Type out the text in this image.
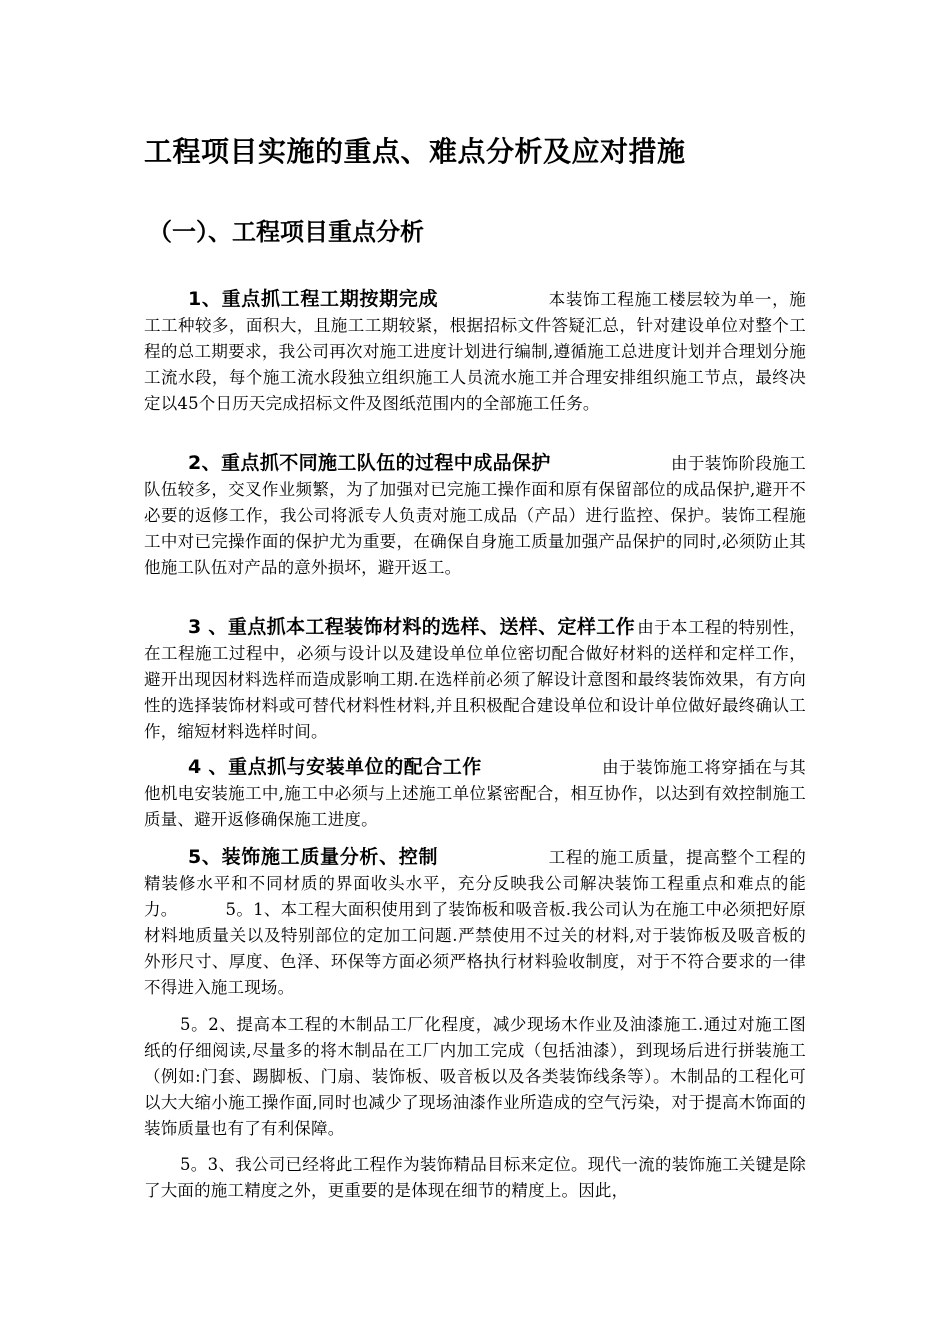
工程项目实施的重点、难点分析及应对措施
（一）、工程项目重点分析
1、重点抓工程工期按期完成	本装饰工程施工楼层较为单一，施工工种较多，面积大，且施工工期较紧，根据招标文件答疑汇总，针对建设单位对整个工程的总工期要求，我公司再次对施工进度计划进行编制,遵循施工总进度计划并合理划分施工流水段，每个施工流水段独立组织施工人员流水施工并合理安排组织施工节点，最终决定以45个日历天完成招标文件及图纸范围内的全部施工任务。
2、重点抓不同施工队伍的过程中成品保护	由于装饰阶段施工队伍较多，交叉作业频繁，为了加强对已完施工操作面和原有保留部位的成品保护,避开不必要的返修工作，我公司将派专人负责对施工成品（产品）进行监控、保护。装饰工程施工中对已完操作面的保护尤为重要，在确保自身施工质量加强产品保护的同时,必须防止其他施工队伍对产品的意外损坏，避开返工。
3 、重点抓本工程装饰材料的选样、送样、定样工作 由于本工程的特别性，在工程施工过程中，必须与设计以及建设单位单位密切配合做好材料的送样和定样工作，避开出现因材料选样而造成影响工期.在选样前必须了解设计意图和最终装饰效果，有方向性的选择装饰材料或可替代材料性材料,并且积极配合建设单位和设计单位做好最终确认工作，缩短材料选样时间。
4 、重点抓与安装单位的配合工作	由于装饰施工将穿插在与其他机电安装施工中,施工中必须与上述施工单位紧密配合，相互协作，以达到有效控制施工质量、避开返修确保施工进度。
5、装饰施工质量分析、控制	工程的施工质量，提高整个工程的精装修水平和不同材质的界面收头水平，充分反映我公司解决装饰工程重点和难点的能力。	5。1、本工程大面积使用到了装饰板和吸音板.我公司认为在施工中必须把好原材料地质量关以及特别部位的定加工问题.严禁使用不过关的材料,对于装饰板及吸音板的外形尺寸、厚度、色泽、环保等方面必须严格执行材料验收制度，对于不符合要求的一律不得进入施工现场。
5。2、提高本工程的木制品工厂化程度，减少现场木作业及油漆施工.通过对施工图纸的仔细阅读,尽量多的将木制品在工厂内加工完成（包括油漆），到现场后进行拼装施工（例如:门套、踢脚板、门扇、装饰板、吸音板以及各类装饰线条等）。木制品的工程化可以大大缩小施工操作面,同时也减少了现场油漆作业所造成的空气污染，对于提高木饰面的装饰质量也有了有利保障。
5。3、我公司已经将此工程作为装饰精品目标来定位。现代一流的装饰施工关键是除了大面的施工精度之外，更重要的是体现在细节的精度上。因此，
